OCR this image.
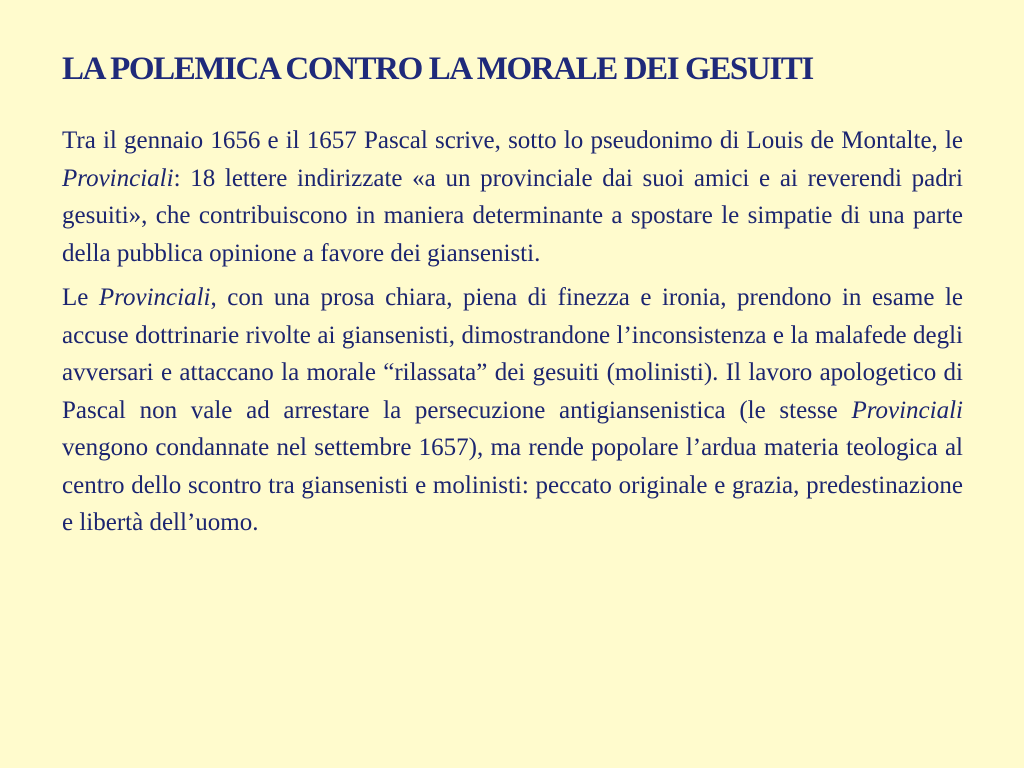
LA POLEMICA CONTRO LA MORALE DEI GESUITI

Tra il gennaio 1656 e il 1657 Pascal scrive, sotto lo pseudonimo di Louis de Montalte, le Provinciali: 18 lettere indirizzate «a un provinciale dai suoi amici e ai reverendi padri gesuiti», che contribuiscono in maniera determinante a spostare le simpatie di una parte della pubblica opinione a favore dei giansenisti.

Le Provinciali, con una prosa chiara, piena di finezza e ironia, prendono in esame le accuse dottrinarie rivolte ai giansenisti, dimostrandone l’inconsistenza e la malafede degli avversari e attaccano la morale “rilassata” dei gesuiti (molinisti). Il lavoro apologetico di Pascal non vale ad arrestare la persecuzione antigiansenistica (le stesse Provinciali vengono condannate nel settembre 1657), ma rende popolare l’ardua materia teologica al centro dello scontro tra giansenisti e molinisti: peccato originale e grazia, predestinazione e libertà dell’uomo.
